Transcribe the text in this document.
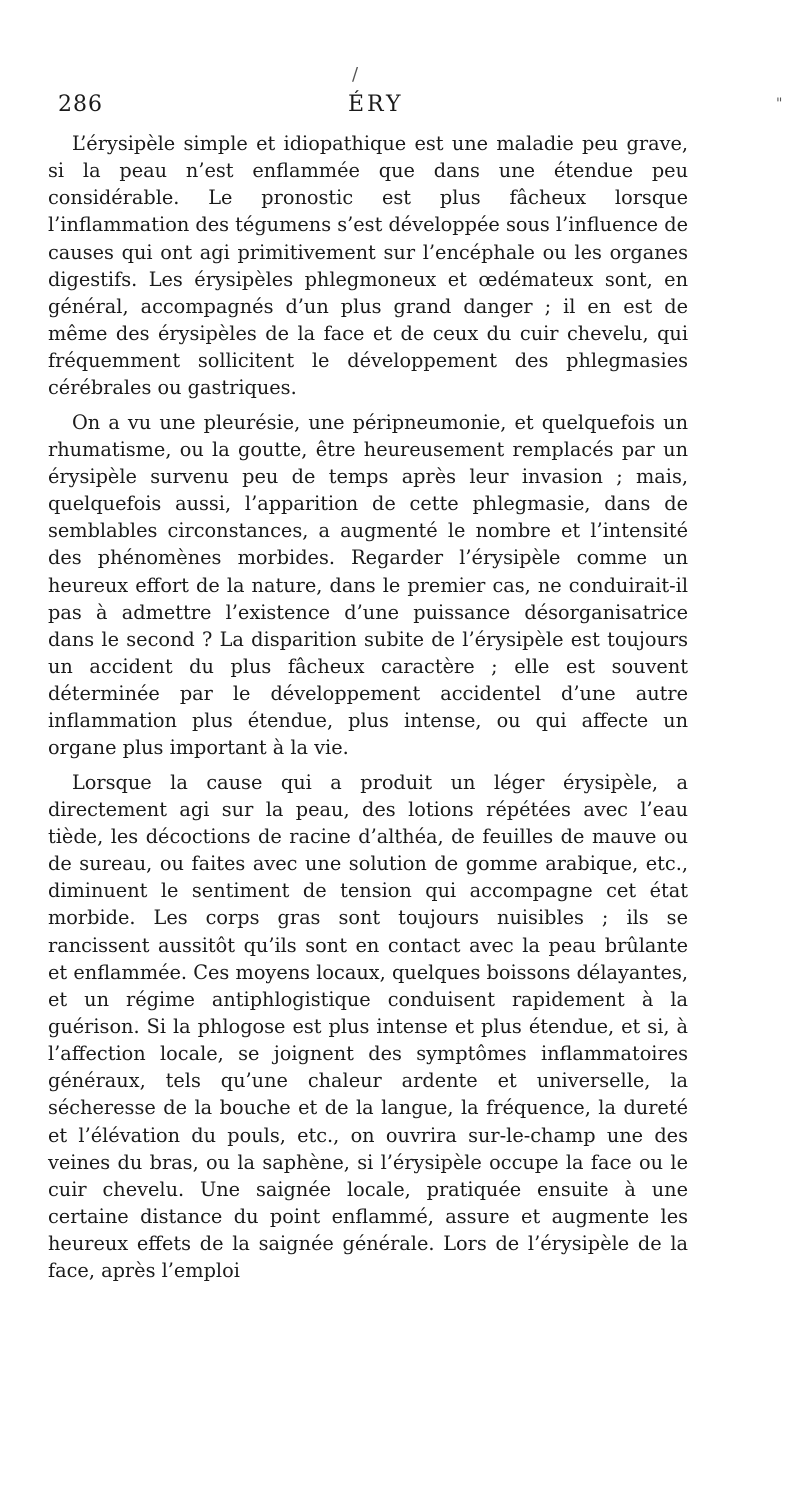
/
"
286	ÉRY

L’érysipèle simple et idiopathique est une maladie peu grave, si la peau n’est enflammée que dans une étendue peu considérable. Le pronostic est plus fâcheux lorsque l’inflammation des tégumens s’est développée sous l’influence de causes qui ont agi primitivement sur l’encéphale ou les organes digestifs. Les érysipèles phlegmoneux et œdémateux sont, en général, accompagnés d’un plus grand danger ; il en est de même des érysipèles de la face et de ceux du cuir chevelu, qui fréquemment sollicitent le développement des phlegmasies cérébrales ou gastriques.

On a vu une pleurésie, une péripneumonie, et quelquefois un rhumatisme, ou la goutte, être heureusement remplacés par un érysipèle survenu peu de temps après leur invasion ; mais, quelquefois aussi, l’apparition de cette phlegmasie, dans de semblables circonstances, a augmenté le nombre et l’intensité des phénomènes morbides. Regarder l’érysipèle comme un heureux effort de la nature, dans le premier cas, ne conduirait-il pas à admettre l’existence d’une puissance désorganisatrice dans le second ? La disparition subite de l’érysipèle est toujours un accident du plus fâcheux caractère ; elle est souvent déterminée par le développement accidentel d’une autre inflammation plus étendue, plus intense, ou qui affecte un organe plus important à la vie.

Lorsque la cause qui a produit un léger érysipèle, a directement agi sur la peau, des lotions répétées avec l’eau tiède, les décoctions de racine d’althéa, de feuilles de mauve ou de sureau, ou faites avec une solution de gomme arabique, etc., diminuent le sentiment de tension qui accompagne cet état morbide. Les corps gras sont toujours nuisibles ; ils se rancissent aussitôt qu’ils sont en contact avec la peau brûlante et enflammée. Ces moyens locaux, quelques boissons délayantes, et un régime antiphlogistique conduisent rapidement à la guérison. Si la phlogose est plus intense et plus étendue, et si, à l’affection locale, se joignent des symptômes inflammatoires généraux, tels qu’une chaleur ardente et universelle, la sécheresse de la bouche et de la langue, la fréquence, la dureté et l’élévation du pouls, etc., on ouvrira sur-le-champ une des veines du bras, ou la saphène, si l’érysipèle occupe la face ou le cuir chevelu. Une saignée locale, pratiquée ensuite à une certaine distance du point enflammé, assure et augmente les heureux effets de la saignée générale. Lors de l’érysipèle de la face, après l’emploi
